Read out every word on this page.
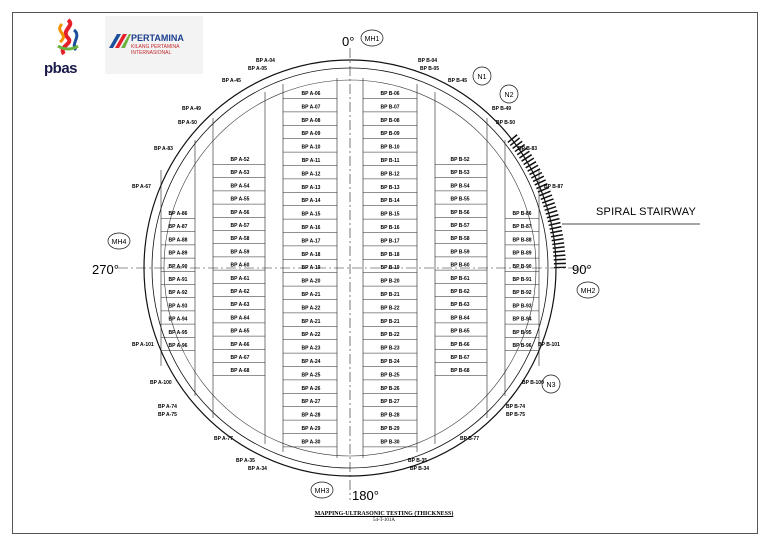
pbas
PERTAMINA
KILANG PERTAMINA INTERNASIONAL
0°
180°
270°	90°
MH1
MH2
MH3
MH4
N1
N2
N3
BP A-06	BP B-06
BP A-07	BP B-07
BP A-08	BP B-08
BP A-09	BP B-09
BP A-10	BP B-10
BP A-11	BP B-11
BP A-12	BP B-12
BP A-13	BP B-13
BP A-14	BP B-14
BP A-15	BP B-15
BP A-16	BP B-16
BP A-17	BP B-17
BP A-18	BP B-18
BP A-19	BP B-19
BP A-20	BP B-20
BP A-21	BP B-21
BP A-22	BP B-22
BP A-21	BP B-21
BP A-22	BP B-22
BP A-23	BP B-23
BP A-24	BP B-24
BP A-25	BP B-25
BP A-26	BP B-26
BP A-27	BP B-27
BP A-28	BP B-28
BP A-29	BP B-29
BP A-30	BP B-30
BP A-52	BP B-52
BP A-53	BP B-53
BP A-54	BP B-54
BP A-55	BP B-55
BP A-56	BP B-56
BP A-57	BP B-57
BP A-58	BP B-58
BP A-59	BP B-59
BP A-60	BP B-60
BP A-61	BP B-61
BP A-62	BP B-62
BP A-63	BP B-63
BP A-64	BP B-64
BP A-65	BP B-65
BP A-66	BP B-66
BP A-67	BP B-67
BP A-68	BP B-68
BP A-86	BP B-86
BP A-87	BP B-87
BP A-88	BP B-88
BP A-89	BP B-89
BP A-90	BP B-90
BP A-91	BP B-91
BP A-92	BP B-92
BP A-93	BP B-93
BP A-94	BP B-94
BP A-95	BP B-95
BP A-96	BP B-96
BP A-04
BP A-05
BP A-45
BP A-49
BP A-50
BP A-83
BP A-67
BP A-101
BP A-100
BP A-74
BP A-75
BP A-77
BP A-35
BP A-34
BP B-04
BP B-05
BP B-45
BP B-49
BP B-50
BP B-83
BP B-87
BP B-101
BP B-100
BP B-74
BP B-75
BP B-77
BP B-35
BP B-34
SPIRAL STAIRWAY
MAPPING-ULTRASONIC TESTING (THICKNESS)
54-T-101A
